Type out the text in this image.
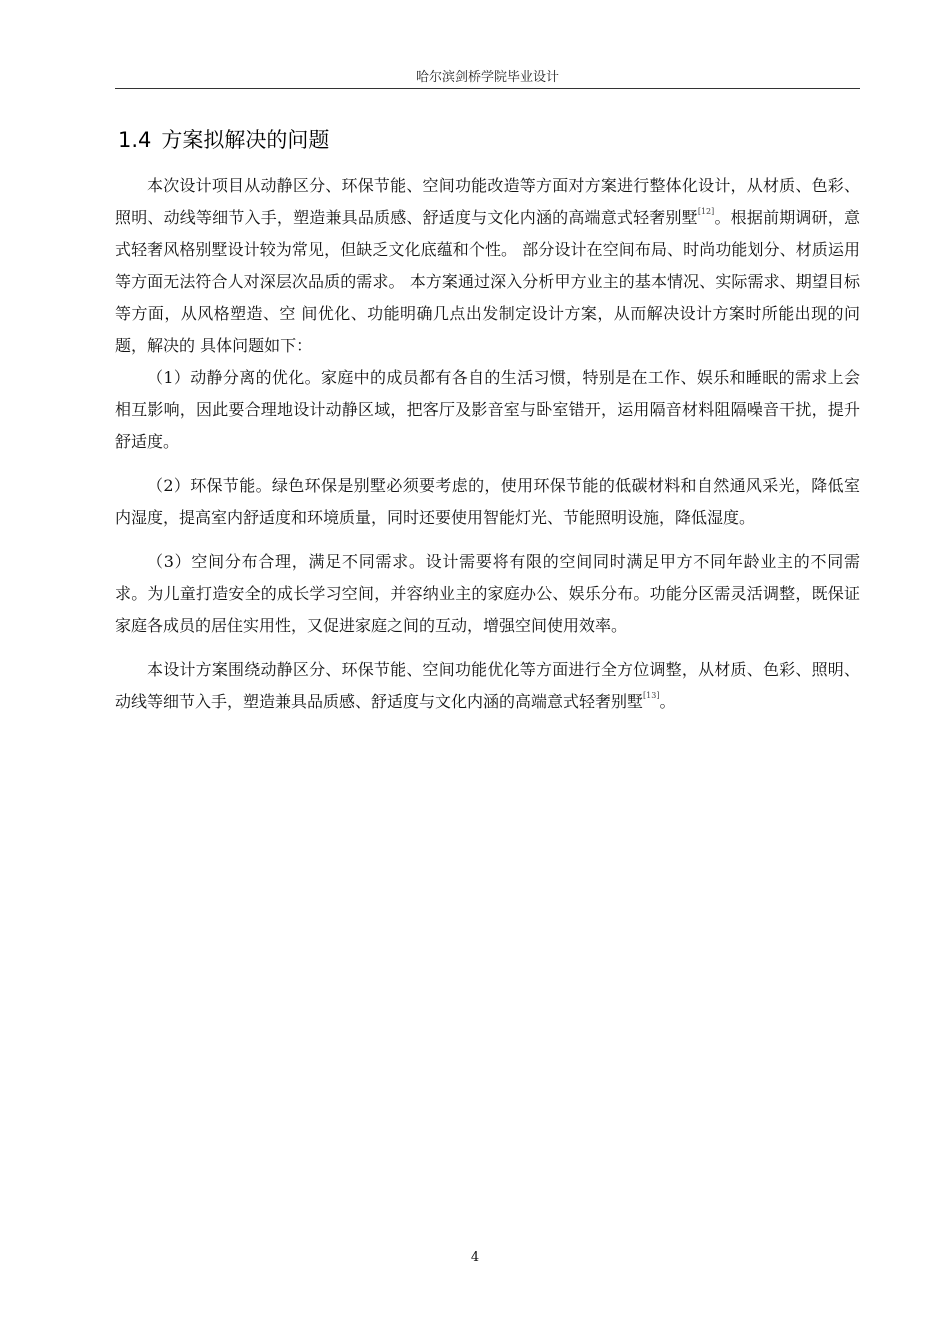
哈尔滨剑桥学院毕业设计
1.4 方案拟解决的问题

本次设计项目从动静区分、环保节能、空间功能改造等方面对方案进行整体化设计，从材质、色彩、照明、动线等细节入手，塑造兼具品质感、舒适度与文化内涵的高端意式轻奢别墅[12]。根据前期调研，意式轻奢风格别墅设计较为常见，但缺乏文化底蕴和个性。 部分设计在空间布局、时尚功能划分、材质运用等方面无法符合人对深层次品质的需求。 本方案通过深入分析甲方业主的基本情况、实际需求、期望目标等方面，从风格塑造、空 间优化、功能明确几点出发制定设计方案，从而解决设计方案时所能出现的问题，解决的 具体问题如下：

（1）动静分离的优化。家庭中的成员都有各自的生活习惯，特别是在工作、娱乐和睡眠的需求上会相互影响，因此要合理地设计动静区域，把客厅及影音室与卧室错开，运用隔音材料阻隔噪音干扰，提升舒适度。

（2）环保节能。绿色环保是别墅必须要考虑的，使用环保节能的低碳材料和自然通风采光，降低室内湿度，提高室内舒适度和环境质量，同时还要使用智能灯光、节能照明设施，降低湿度。

（3）空间分布合理，满足不同需求。设计需要将有限的空间同时满足甲方不同年龄业主的不同需求。为儿童打造安全的成长学习空间，并容纳业主的家庭办公、娱乐分布。功能分区需灵活调整，既保证家庭各成员的居住实用性，又促进家庭之间的互动，增强空间使用效率。

本设计方案围绕动静区分、环保节能、空间功能优化等方面进行全方位调整，从材质、色彩、照明、动线等细节入手，塑造兼具品质感、舒适度与文化内涵的高端意式轻奢别墅[13]。

4
